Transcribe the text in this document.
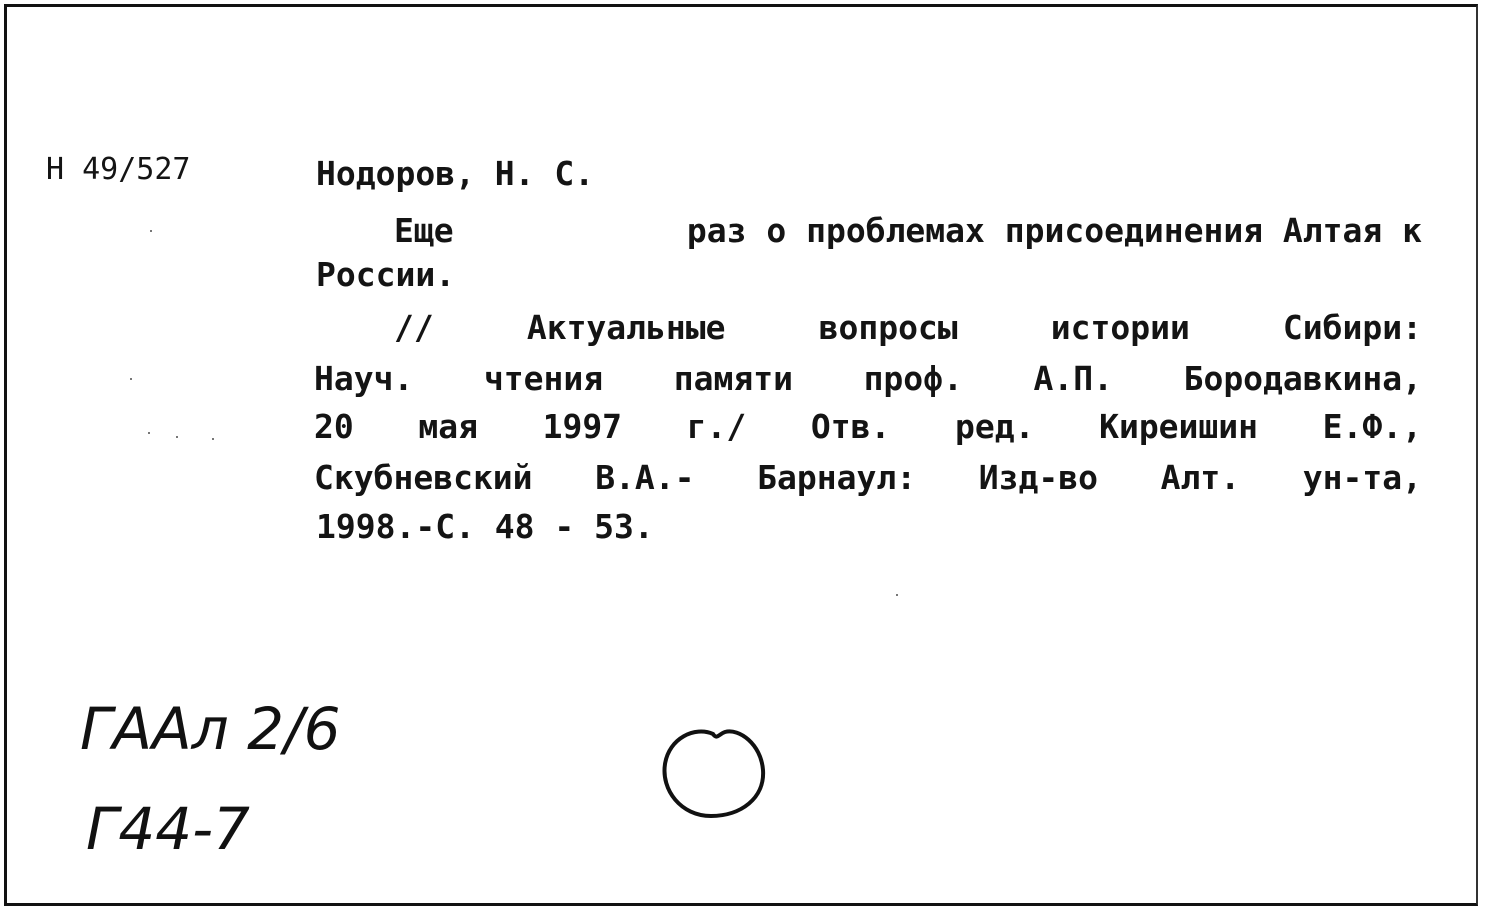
Н 49/527	Нодоров, Н. С.
Еще	раз о проблемах присоединения Алтая к
России.
//	Актуальные	вопросы	истории	Сибири:
Науч. чтения памяти проф. А.П. Бородавкина,
20 мая 1997 г./ Отв. ред. Киреишин Е.Ф.,
Скубневский В.А.- Барнаул: Изд-во Алт. ун-та,
1998.-С. 48 - 53.
ГААл 2/6
Г44-7
